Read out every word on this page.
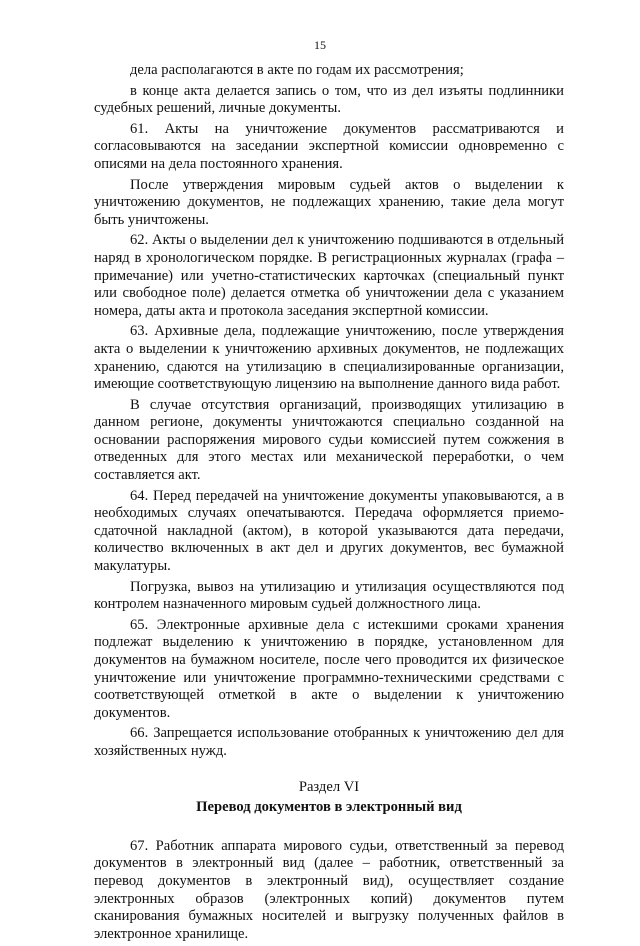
15

дела располагаются в акте по годам их рассмотрения;

в конце акта делается запись о том, что из дел изъяты подлинники судебных решений, личные документы.

61. Акты на уничтожение документов рассматриваются и согласовываются на заседании экспертной комиссии одновременно с описями на дела постоянного хранения.

После утверждения мировым судьей актов о выделении к уничтожению документов, не подлежащих хранению, такие дела могут быть уничтожены.

62. Акты о выделении дел к уничтожению подшиваются в отдельный наряд в хронологическом порядке. В регистрационных журналах (графа – примечание) или учетно-статистических карточках (специальный пункт или свободное поле) делается отметка об уничтожении дела с указанием номера, даты акта и протокола заседания экспертной комиссии.

63. Архивные дела, подлежащие уничтожению, после утверждения акта о выделении к уничтожению архивных документов, не подлежащих хранению, сдаются на утилизацию в специализированные организации, имеющие соответствующую лицензию на выполнение данного вида работ.

В случае отсутствия организаций, производящих утилизацию в данном регионе, документы уничтожаются специально созданной на основании распоряжения мирового судьи комиссией путем сожжения в отведенных для этого местах или механической переработки, о чем составляется акт.

64. Перед передачей на уничтожение документы упаковываются, а в необходимых случаях опечатываются. Передача оформляется приемо-сдаточной накладной (актом), в которой указываются дата передачи, количество включенных в акт дел и других документов, вес бумажной макулатуры.

Погрузка, вывоз на утилизацию и утилизация осуществляются под контролем назначенного мировым судьей должностного лица.

65. Электронные архивные дела с истекшими сроками хранения подлежат выделению к уничтожению в порядке, установленном для документов на бумажном носителе, после чего проводится их физическое уничтожение или уничтожение программно-техническими средствами с соответствующей отметкой в акте о выделении к уничтожению документов.

66. Запрещается использование отобранных к уничтожению дел для хозяйственных нужд.

Раздел VI
Перевод документов в электронный вид

67. Работник аппарата мирового судьи, ответственный за перевод документов в электронный вид (далее – работник, ответственный за перевод документов в электронный вид), осуществляет создание электронных образов (электронных копий) документов путем сканирования бумажных носителей и выгрузку полученных файлов в электронное хранилище.
